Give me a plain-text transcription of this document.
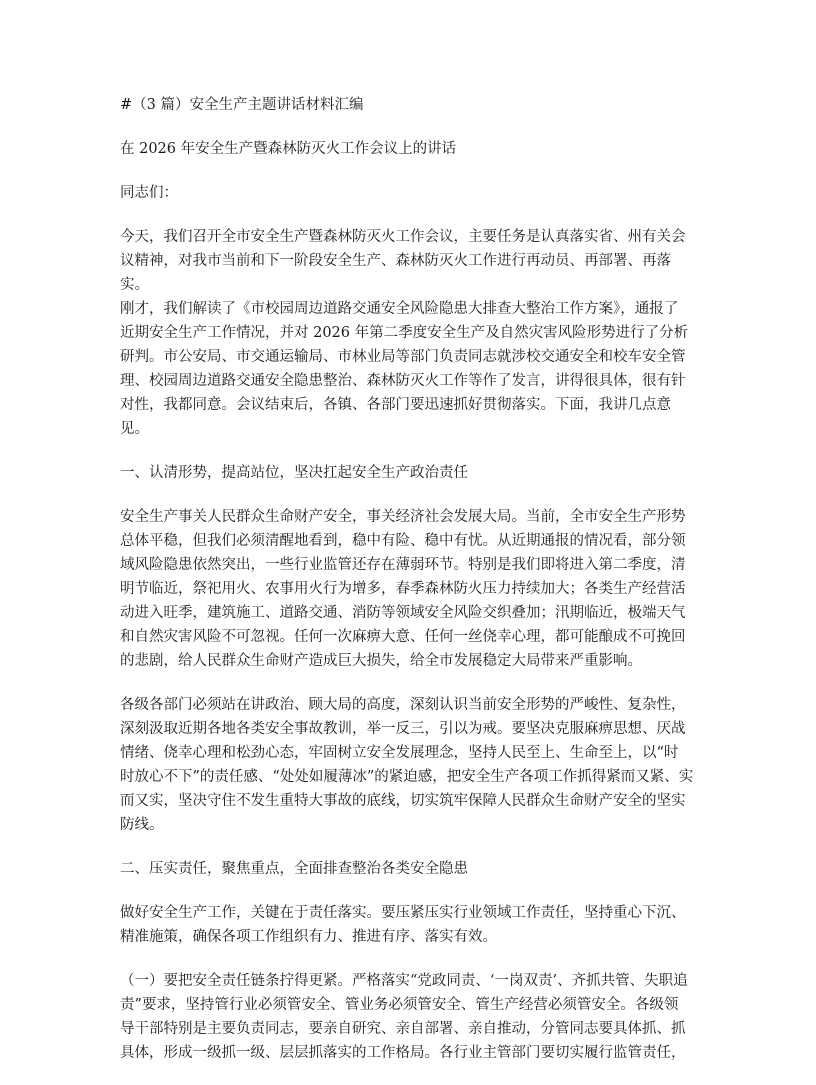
#（3 篇）安全生产主题讲话材料汇编

在 2026 年安全生产暨森林防灭火工作会议上的讲话

同志们：

今天，我们召开全市安全生产暨森林防灭火工作会议，主要任务是认真落实省、州有关会

议精神，对我市当前和下一阶段安全生产、森林防灭火工作进行再动员、再部署、再落实。

刚才，我们解读了《市校园周边道路交通安全风险隐患大排查大整治工作方案》，通报了

近期安全生产工作情况，并对 2026 年第二季度安全生产及自然灾害风险形势进行了分析

研判。市公安局、市交通运输局、市林业局等部门负责同志就涉校交通安全和校车安全管

理、校园周边道路交通安全隐患整治、森林防灭火工作等作了发言，讲得很具体，很有针

对性，我都同意。会议结束后，各镇、各部门要迅速抓好贯彻落实。下面，我讲几点意见。

一、认清形势，提高站位，坚决扛起安全生产政治责任

安全生产事关人民群众生命财产安全，事关经济社会发展大局。当前，全市安全生产形势

总体平稳，但我们必须清醒地看到，稳中有险、稳中有忧。从近期通报的情况看，部分领

域风险隐患依然突出，一些行业监管还存在薄弱环节。特别是我们即将进入第二季度，清

明节临近，祭祀用火、农事用火行为增多，春季森林防火压力持续加大；各类生产经营活

动进入旺季，建筑施工、道路交通、消防等领域安全风险交织叠加；汛期临近，极端天气

和自然灾害风险不可忽视。任何一次麻痹大意、任何一丝侥幸心理，都可能酿成不可挽回

的悲剧，给人民群众生命财产造成巨大损失，给全市发展稳定大局带来严重影响。

各级各部门必须站在讲政治、顾大局的高度，深刻认识当前安全形势的严峻性、复杂性，

深刻汲取近期各地各类安全事故教训，举一反三，引以为戒。要坚决克服麻痹思想、厌战

情绪、侥幸心理和松劲心态，牢固树立安全发展理念，坚持人民至上、生命至上，以“时

时放心不下”的责任感、“处处如履薄冰”的紧迫感，把安全生产各项工作抓得紧而又紧、实

而又实，坚决守住不发生重特大事故的底线，切实筑牢保障人民群众生命财产安全的坚实

防线。

二、压实责任，聚焦重点，全面排查整治各类安全隐患

做好安全生产工作，关键在于责任落实。要压紧压实行业领域工作责任，坚持重心下沉、

精准施策，确保各项工作组织有力、推进有序、落实有效。

（一）要把安全责任链条拧得更紧。严格落实“党政同责、‘一岗双责’、齐抓共管、失职追

责”要求，坚持管行业必须管安全、管业务必须管安全、管生产经营必须管安全。各级领

导干部特别是主要负责同志，要亲自研究、亲自部署、亲自推动，分管同志要具体抓、抓

具体，形成一级抓一级、层层抓落实的工作格局。各行业主管部门要切实履行监管责任，
